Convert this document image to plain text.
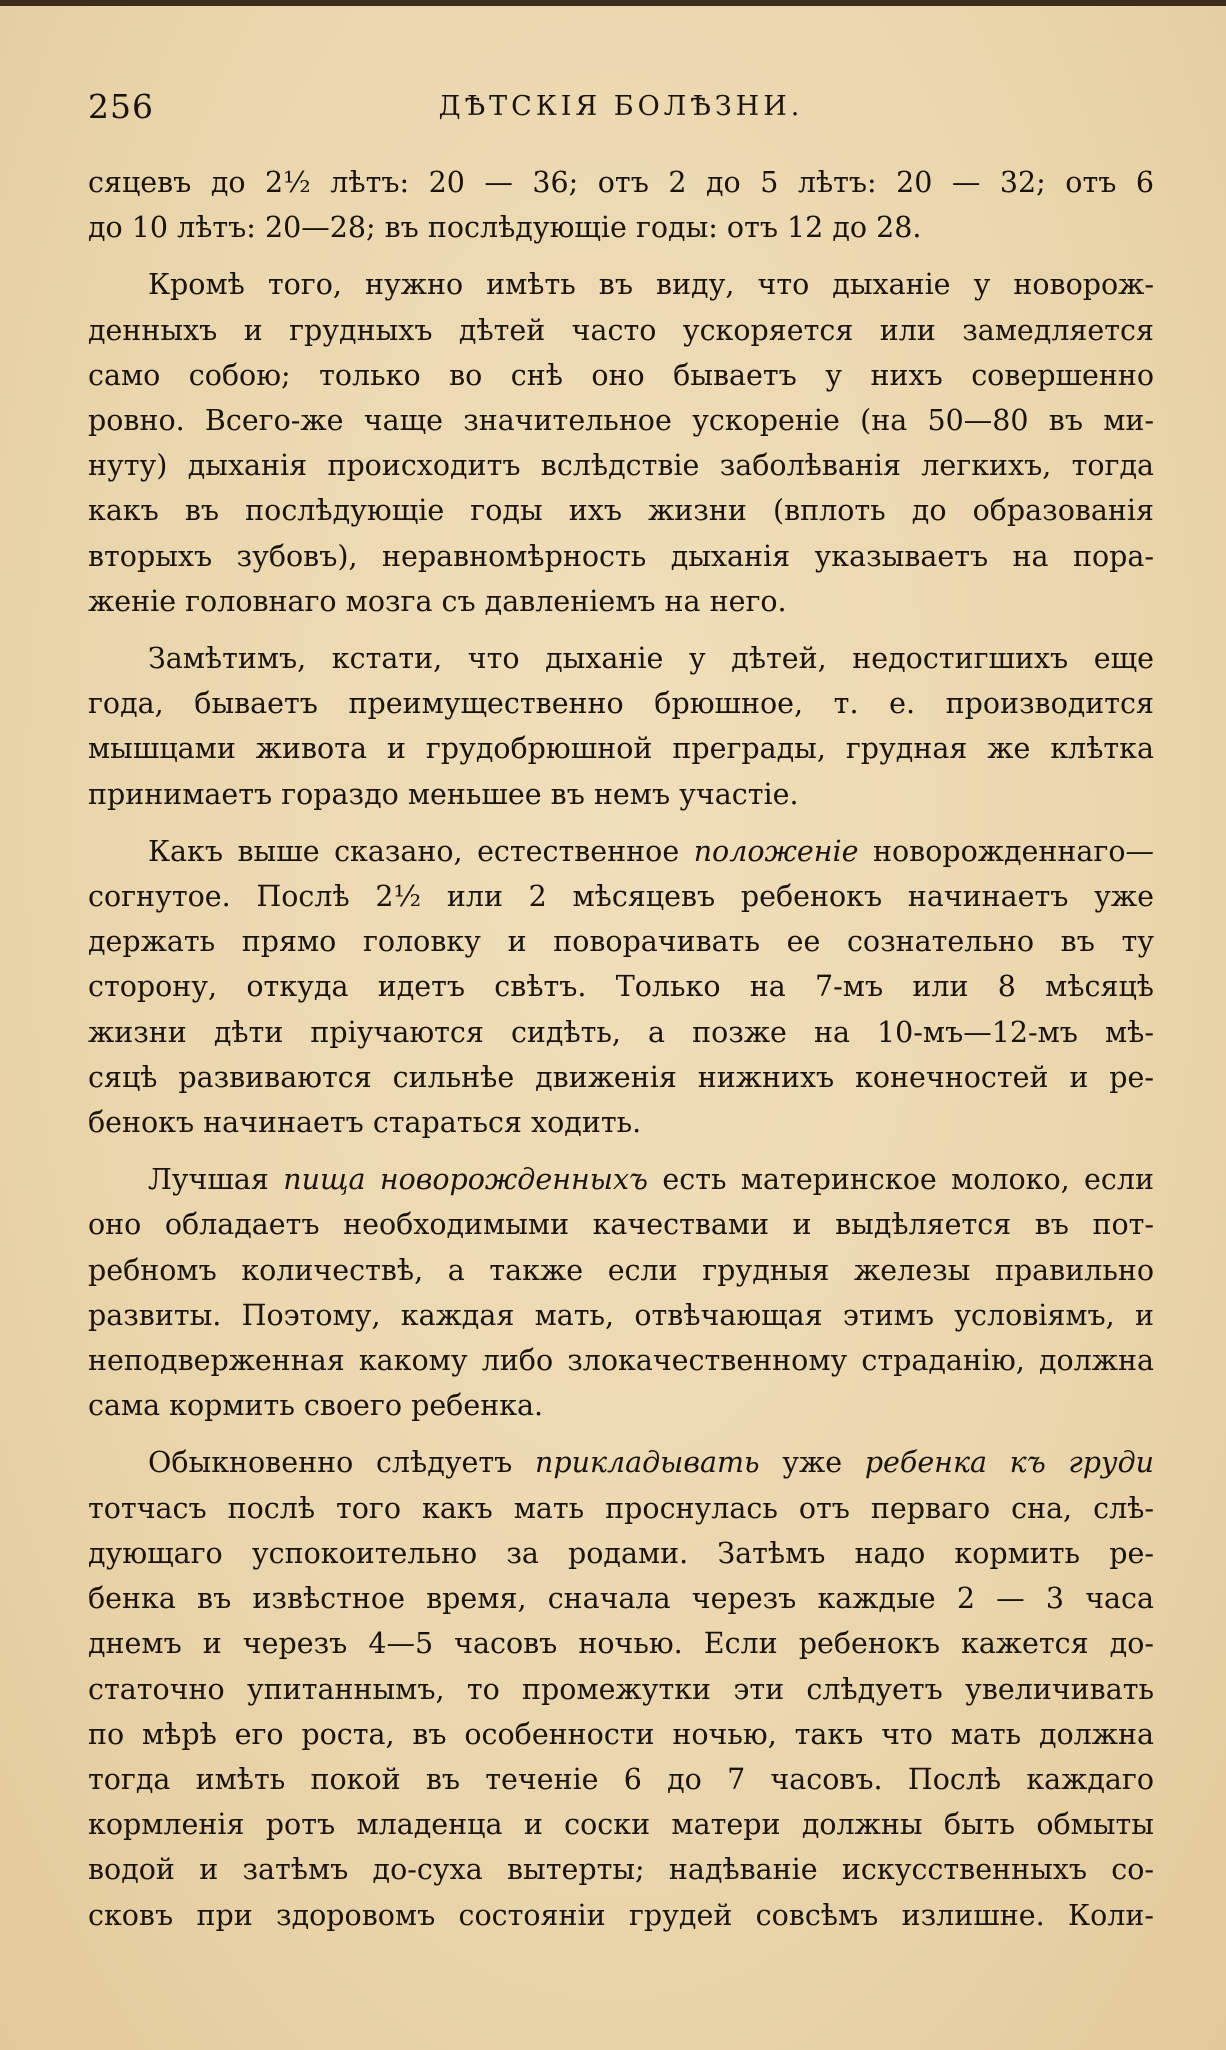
256	ДѢТСКІЯ БОЛѢЗНИ.

сяцевъ до 2½ лѣтъ: 20 — 36; отъ 2 до 5 лѣтъ: 20 — 32; отъ 6
до 10 лѣтъ: 20—28; въ послѣдующіе годы: отъ 12 до 28.

Кромѣ того, нужно имѣть въ виду, что дыханіе у новорож-
денныхъ и грудныхъ дѣтей часто ускоряется или замедляется
само собою; только во снѣ оно бываетъ у нихъ совершенно
ровно. Всего-же чаще значительное ускореніе (на 50—80 въ ми-
нуту) дыханія происходитъ вслѣдствіе заболѣванія легкихъ, тогда
какъ въ послѣдующіе годы ихъ жизни (вплоть до образованія
вторыхъ зубовъ), неравномѣрность дыханія указываетъ на пора-
женіе головнаго мозга съ давленіемъ на него.

Замѣтимъ, кстати, что дыханіе у дѣтей, недостигшихъ еще
года, бываетъ преимущественно брюшное, т. е. производится
мышцами живота и грудобрюшной преграды, грудная же клѣтка
принимаетъ гораздо меньшее въ немъ участіе.

Какъ выше сказано, естественное положеніе новорожденнаго—
согнутое. Послѣ 2½ или 2 мѣсяцевъ ребенокъ начинаетъ уже
держать прямо головку и поворачивать ее сознательно въ ту
сторону, откуда идетъ свѣтъ. Только на 7-мъ или 8 мѣсяцѣ
жизни дѣти пріучаются сидѣть, а позже на 10-мъ—12-мъ мѣ-
сяцѣ развиваются сильнѣе движенія нижнихъ конечностей и ре-
бенокъ начинаетъ стараться ходить.

Лучшая пища новорожденныхъ есть материнское молоко, если
оно обладаетъ необходимыми качествами и выдѣляется въ пот-
ребномъ количествѣ, а также если грудныя железы правильно
развиты. Поэтому, каждая мать, отвѣчающая этимъ условіямъ, и
неподверженная какому либо злокачественному страданію, должна
сама кормить своего ребенка.

Обыкновенно слѣдуетъ прикладывать уже ребенка къ груди
тотчасъ послѣ того какъ мать проснулась отъ перваго сна, слѣ-
дующаго успокоительно за родами. Затѣмъ надо кормить ре-
бенка въ извѣстное время, сначала черезъ каждые 2 — 3 часа
днемъ и черезъ 4—5 часовъ ночью. Если ребенокъ кажется до-
статочно упитаннымъ, то промежутки эти слѣдуетъ увеличивать
по мѣрѣ его роста, въ особенности ночью, такъ что мать должна
тогда имѣть покой въ теченіе 6 до 7 часовъ. Послѣ каждаго
кормленія ротъ младенца и соски матери должны быть обмыты
водой и затѣмъ до-суха вытерты; надѣваніе искусственныхъ со-
сковъ при здоровомъ состояніи грудей совсѣмъ излишне. Коли-
